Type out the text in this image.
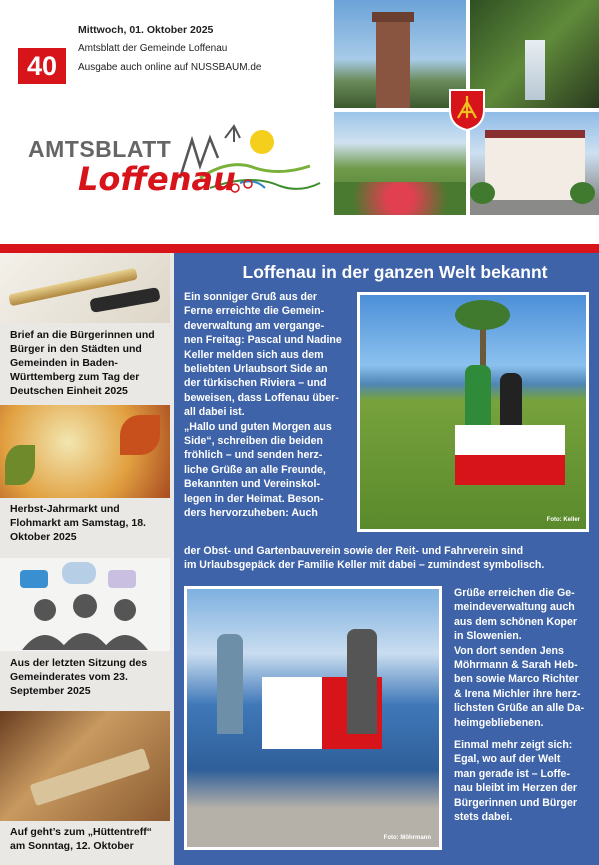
40
Mittwoch, 01. Oktober 2025
Amtsblatt der Gemeinde Loffenau
Ausgabe auch online auf NUSSBAUM.de
AMTSBLATT
Loffenau
Brief an die Bürgerinnen und Bürger in den Städten und Gemeinden in Baden-Württemberg zum Tag der Deutschen Einheit 2025
Herbst-Jahrmarkt und Flohmarkt am Samstag, 18. Oktober 2025
Aus der letzten Sitzung des Gemeinderates vom 23. September 2025
Auf geht’s zum „Hüttentreff“ am Sonntag, 12. Oktober
Loffenau in der ganzen Welt bekannt
Ein sonniger Gruß aus der
Ferne erreichte die Gemein-
deverwaltung am vergange-
nen Freitag: Pascal und Nadine
Keller melden sich aus dem
beliebten Urlaubsort Side an
der türkischen Riviera – und
beweisen, dass Loffenau über-
all dabei ist.
„Hallo und guten Morgen aus
Side“, schreiben die beiden
fröhlich – und senden herz-
liche Grüße an alle Freunde,
Bekannten und Vereinskol-
legen in der Heimat. Beson-
ders hervorzuheben: Auch
der Obst- und Gartenbauverein sowie der Reit- und Fahrverein sind
im Urlaubsgepäck der Familie Keller mit dabei – zumindest symbolisch.
Foto: Keller
Foto: Möhrmann
Grüße erreichen die Ge-
meindeverwaltung auch
aus dem schönen Koper
in Slowenien.
Von dort senden Jens
Möhrmann & Sarah Heb-
ben sowie Marco Richter
& Irena Michler ihre herz-
lichsten Grüße an alle Da-
heimgebliebenen.
Einmal mehr zeigt sich:
Egal, wo auf der Welt
man gerade ist – Loffe-
nau bleibt im Herzen der
Bürgerinnen und Bürger
stets dabei.
